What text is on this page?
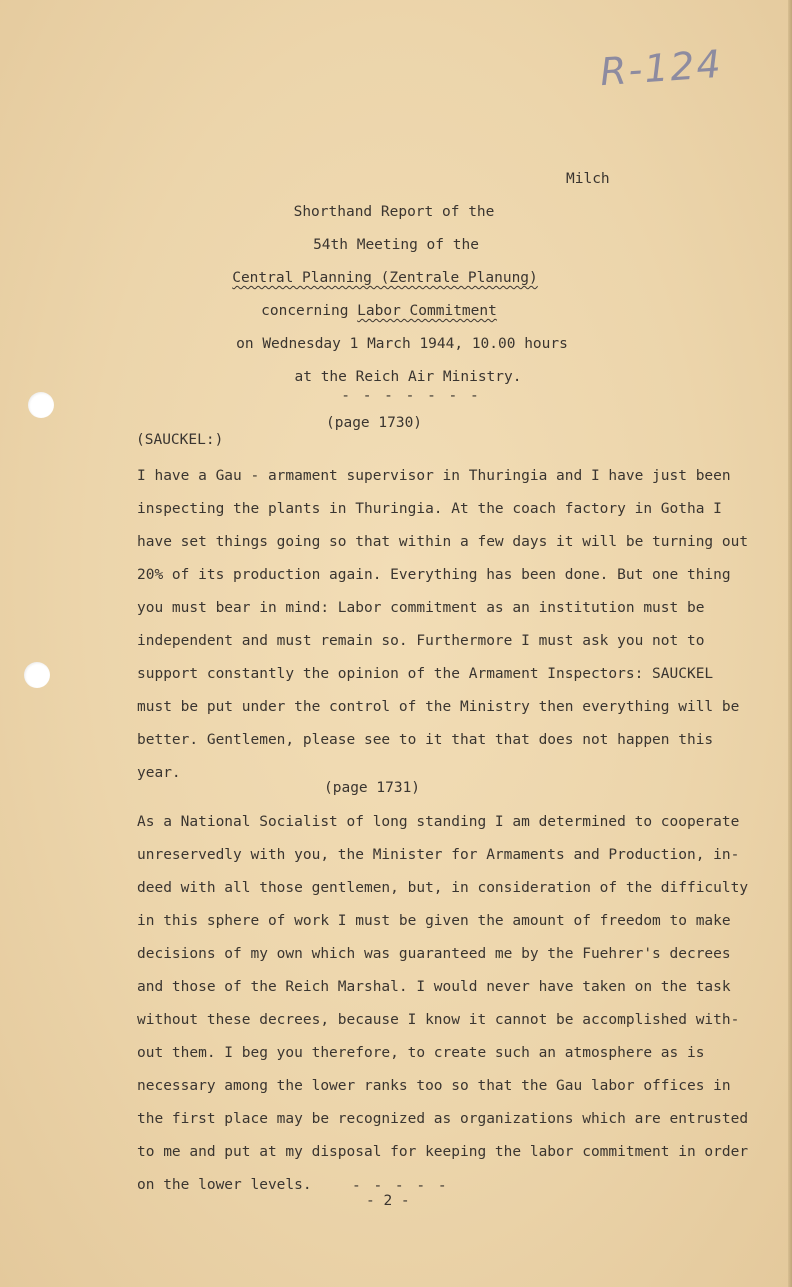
R-124
Milch
Shorthand Report of the
54th Meeting of the
Central Planning (Zentrale Planung)
concerning Labor Commitment
on Wednesday 1 March 1944, 10.00 hours
at the Reich Air Ministry.
- - - - - - -
(page 1730)
(SAUCKEL:)
I have a Gau - armament supervisor in Thuringia and I have just been
inspecting the plants in Thuringia. At the coach factory in Gotha I
have set things going so that within a few days it will be turning out
20% of its production again. Everything has been done. But one thing
you must bear in mind: Labor commitment as an institution must be
independent and must remain so. Furthermore I must ask you not to
support constantly the opinion of the Armament Inspectors: SAUCKEL
must be put under the control of the Ministry then everything will be
better. Gentlemen, please see to it that that does not happen this
year.
(page 1731)
As a National Socialist of long standing I am determined to cooperate
unreservedly with you, the Minister for Armaments and Production, in-
deed with all those gentlemen, but, in consideration of the difficulty
in this sphere of work I must be given the amount of freedom to make
decisions of my own which was guaranteed me by the Fuehrer's decrees
and those of the Reich Marshal. I would never have taken on the task
without these decrees, because I know it cannot be accomplished with-
out them. I beg you therefore, to create such an atmosphere as is
necessary among the lower ranks too so that the Gau labor offices in
the first place may be recognized as organizations which are entrusted
to me and put at my disposal for keeping the labor commitment in order
on the lower levels.	- - - - -
- 2 -
